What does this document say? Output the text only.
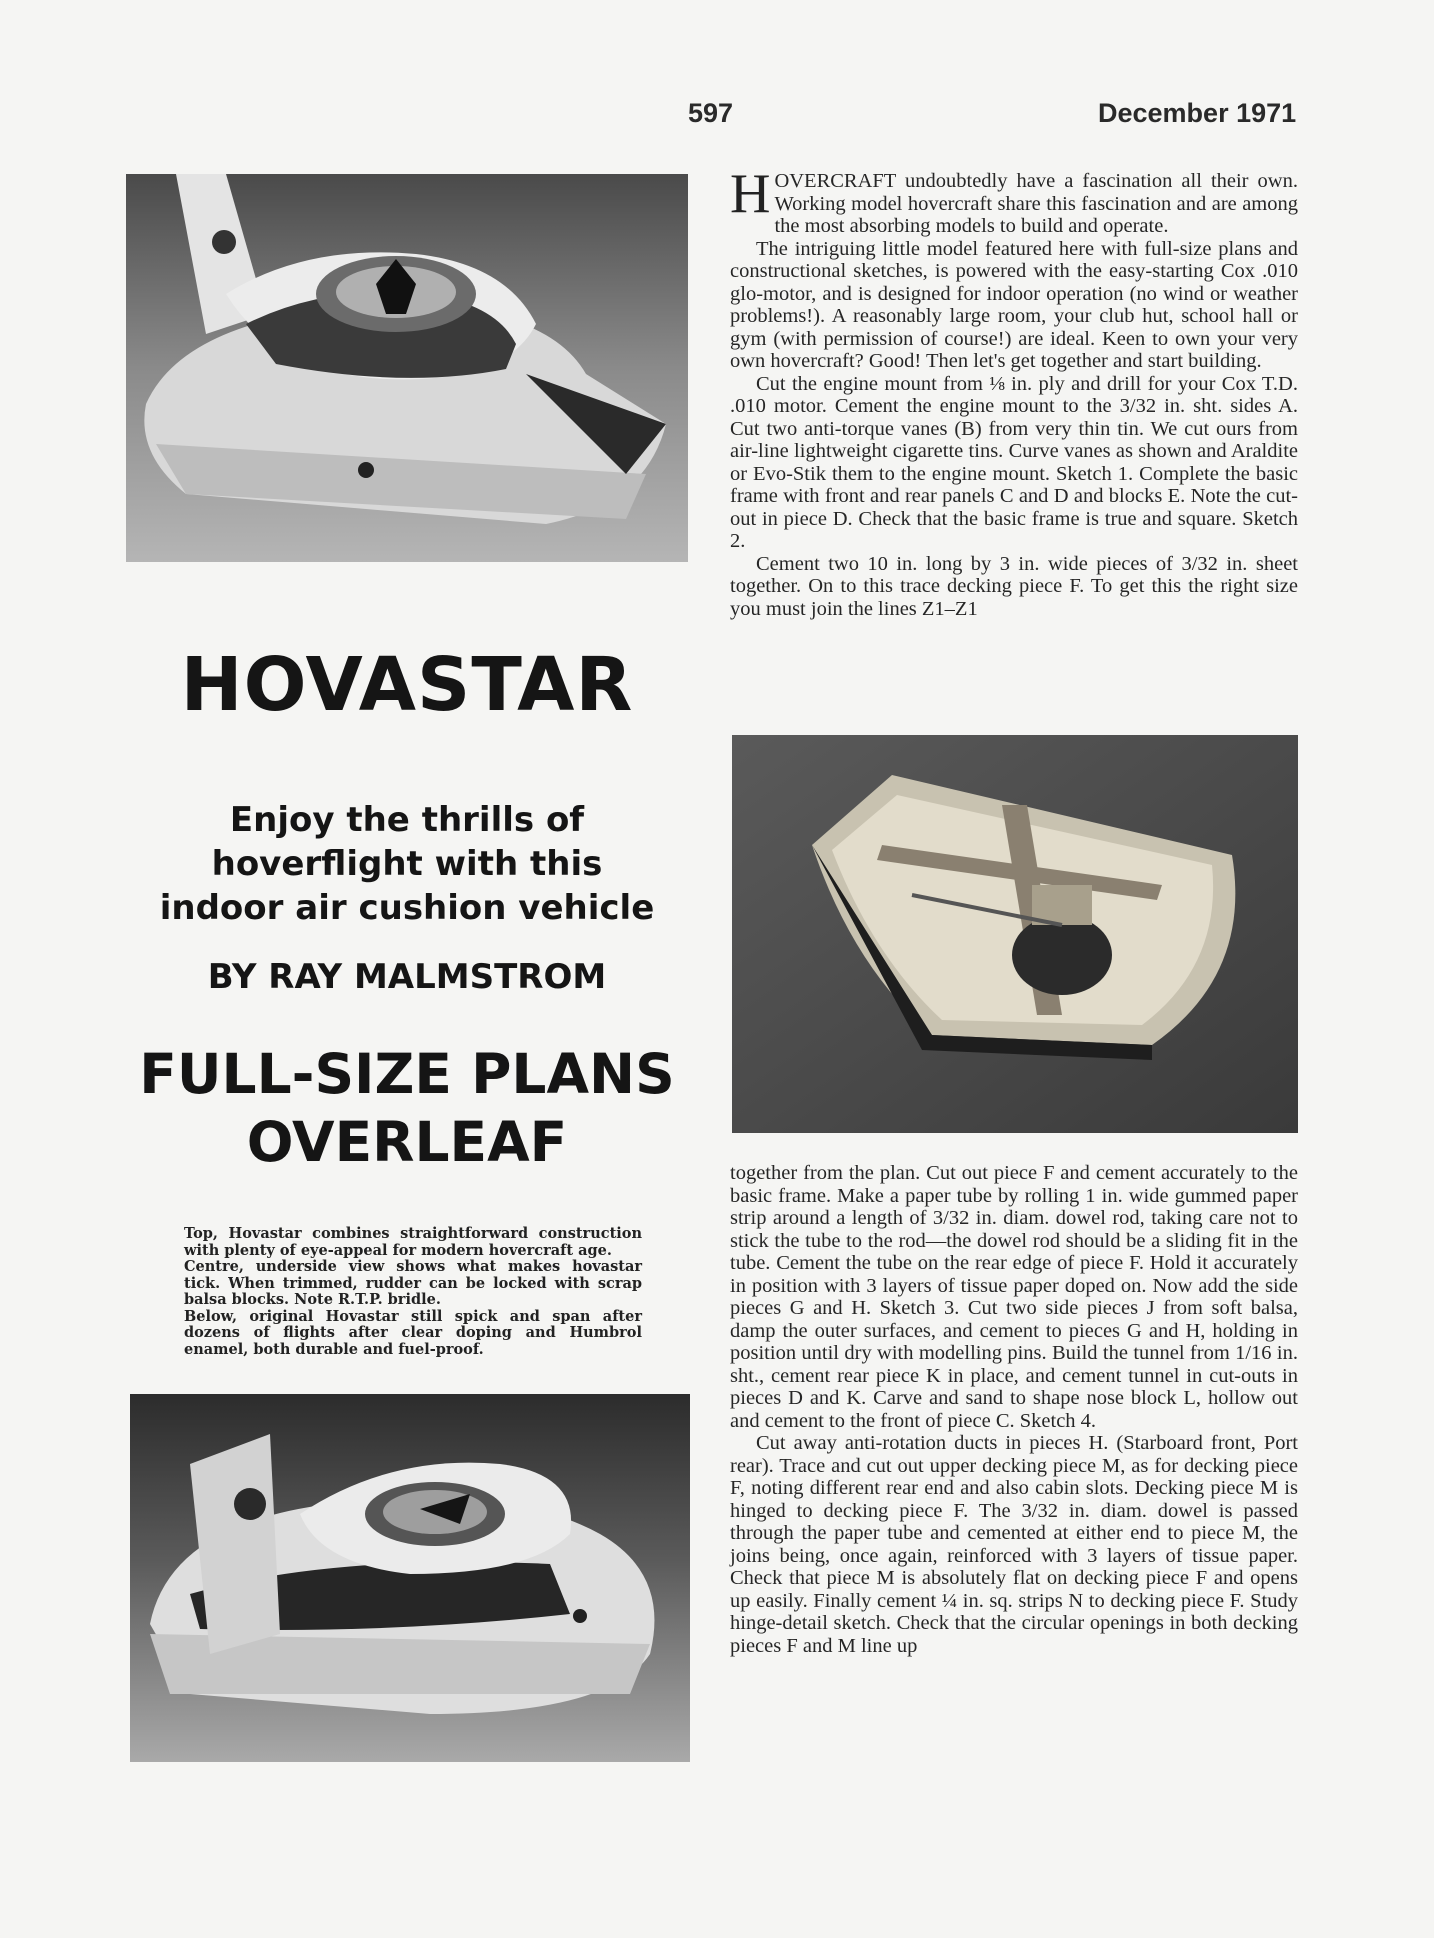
597	December 1971
HOVASTAR
Enjoy the thrills of
hoverflight with this
indoor air cushion vehicle
BY RAY MALMSTROM
FULL-SIZE PLANS
OVERLEAF

Top, Hovastar combines straightforward construction with plenty of eye-appeal for modern hovercraft age.

Centre, underside view shows what makes hovastar tick. When trimmed, rudder can be locked with scrap balsa blocks. Note R.T.P. bridle.

Below, original Hovastar still spick and span after dozens of flights after clear doping and Humbrol enamel, both durable and fuel-proof.

HOVERCRAFT undoubtedly have a fascination all their own. Working model hovercraft share this fascination and are among the most absorbing models to build and operate.

The intriguing little model featured here with full-size plans and constructional sketches, is powered with the easy-starting Cox .010 glo-motor, and is designed for indoor operation (no wind or weather problems!). A reasonably large room, your club hut, school hall or gym (with permission of course!) are ideal. Keen to own your very own hovercraft? Good! Then let's get together and start building.

Cut the engine mount from ⅛ in. ply and drill for your Cox T.D. .010 motor. Cement the engine mount to the 3/32 in. sht. sides A. Cut two anti-torque vanes (B) from very thin tin. We cut ours from air-line lightweight cigarette tins. Curve vanes as shown and Araldite or Evo-Stik them to the engine mount. Sketch 1. Complete the basic frame with front and rear panels C and D and blocks E. Note the cut-out in piece D. Check that the basic frame is true and square. Sketch 2.

Cement two 10 in. long by 3 in. wide pieces of 3/32 in. sheet together. On to this trace decking piece F. To get this the right size you must join the lines Z1–Z1

together from the plan. Cut out piece F and cement accurately to the basic frame. Make a paper tube by rolling 1 in. wide gummed paper strip around a length of 3/32 in. diam. dowel rod, taking care not to stick the tube to the rod—the dowel rod should be a sliding fit in the tube. Cement the tube on the rear edge of piece F. Hold it accurately in position with 3 layers of tissue paper doped on. Now add the side pieces G and H. Sketch 3. Cut two side pieces J from soft balsa, damp the outer surfaces, and cement to pieces G and H, holding in position until dry with modelling pins. Build the tunnel from 1/16 in. sht., cement rear piece K in place, and cement tunnel in cut-outs in pieces D and K. Carve and sand to shape nose block L, hollow out and cement to the front of piece C. Sketch 4.

Cut away anti-rotation ducts in pieces H. (Starboard front, Port rear). Trace and cut out upper decking piece M, as for decking piece F, noting different rear end and also cabin slots. Decking piece M is hinged to decking piece F. The 3/32 in. diam. dowel is passed through the paper tube and cemented at either end to piece M, the joins being, once again, reinforced with 3 layers of tissue paper. Check that piece M is absolutely flat on decking piece F and opens up easily. Finally cement ¼ in. sq. strips N to decking piece F. Study hinge-detail sketch. Check that the circular openings in both decking pieces F and M line up
